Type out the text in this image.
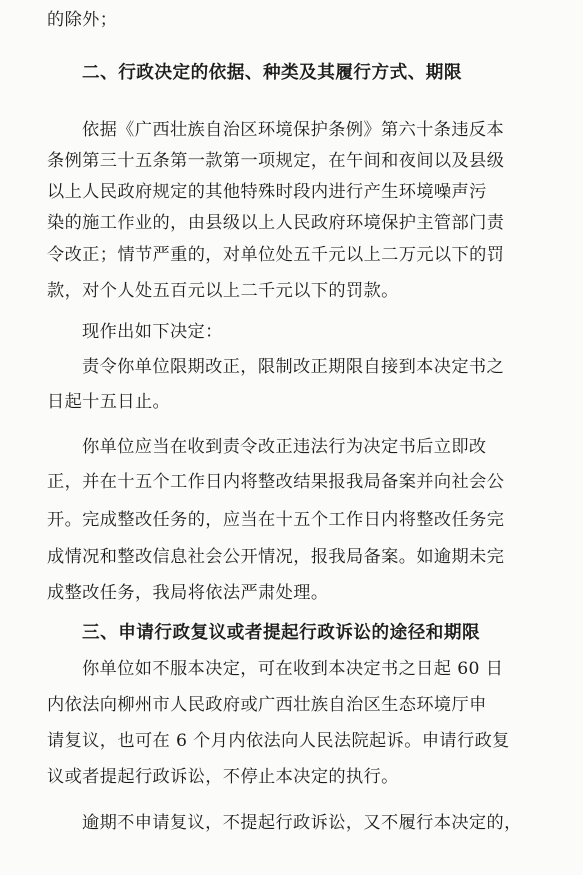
的除外；
二、行政决定的依据、种类及其履行方式、期限
依据《广西壮族自治区环境保护条例》第六十条违反本
条例第三十五条第一款第一项规定，在午间和夜间以及县级
以上人民政府规定的其他特殊时段内进行产生环境噪声污
染的施工作业的，由县级以上人民政府环境保护主管部门责
令改正；情节严重的，对单位处五千元以上二万元以下的罚
款，对个人处五百元以上二千元以下的罚款。
现作出如下决定：
责令你单位限期改正，限制改正期限自接到本决定书之
日起十五日止。
你单位应当在收到责令改正违法行为决定书后立即改
正，并在十五个工作日内将整改结果报我局备案并向社会公
开。完成整改任务的，应当在十五个工作日内将整改任务完
成情况和整改信息社会公开情况，报我局备案。如逾期未完
成整改任务，我局将依法严肃处理。
三、申请行政复议或者提起行政诉讼的途径和期限
你单位如不服本决定，可在收到本决定书之日起 60 日
内依法向柳州市人民政府或广西壮族自治区生态环境厅申
请复议，也可在 6 个月内依法向人民法院起诉。申请行政复
议或者提起行政诉讼，不停止本决定的执行。
逾期不申请复议，不提起行政诉讼，又不履行本决定的，
